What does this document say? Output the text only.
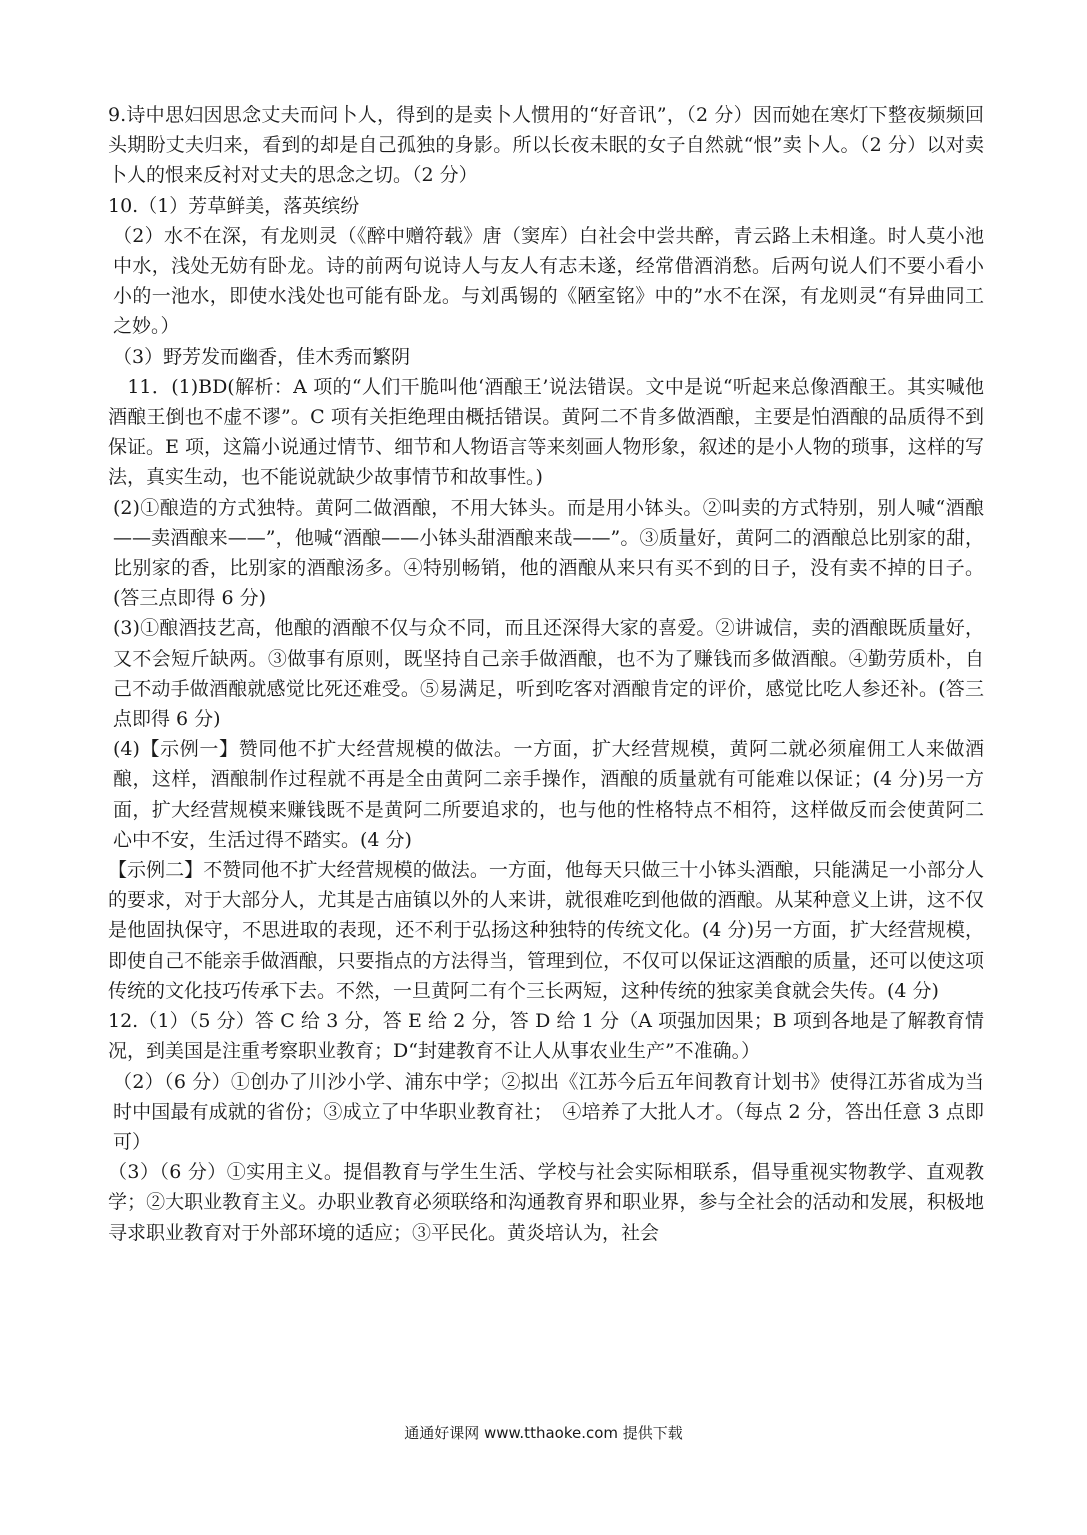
9.诗中思妇因思念丈夫而问卜人，得到的是卖卜人惯用的“好音讯”，（2 分）因而她在寒灯下整夜频频回头期盼丈夫归来，看到的却是自己孤独的身影。所以长夜未眠的女子自然就“恨”卖卜人。（2 分）以对卖卜人的恨来反衬对丈夫的思念之切。（2 分）

10.（1）芳草鲜美，落英缤纷

（2）水不在深，有龙则灵（《醉中赠符载》唐（窦库）白社会中尝共醉，青云路上未相逢。时人莫小池中水，浅处无妨有卧龙。诗的前两句说诗人与友人有志未遂，经常借酒消愁。后两句说人们不要小看小小的一池水，即使水浅处也可能有卧龙。与刘禹锡的《陋室铭》中的”水不在深，有龙则灵“有异曲同工之妙。）

（3）野芳发而幽香，佳木秀而繁阴

　11．(1)BD(解析：A 项的“人们干脆叫他‘酒酿王’说法错误。文中是说“听起来总像酒酿王。其实喊他酒酿王倒也不虚不谬”。C 项有关拒绝理由概括错误。黄阿二不肯多做酒酿，主要是怕酒酿的品质得不到保证。E 项，这篇小说通过情节、细节和人物语言等来刻画人物形象，叙述的是小人物的琐事，这样的写法，真实生动，也不能说就缺少故事情节和故事性。)

(2)①酿造的方式独特。黄阿二做酒酿，不用大钵头。而是用小钵头。②叫卖的方式特别，别人喊“酒酿——卖酒酿来——”，他喊“酒酿——小钵头甜酒酿来哉——”。③质量好，黄阿二的酒酿总比别家的甜，比别家的香，比别家的酒酿汤多。④特别畅销，他的酒酿从来只有买不到的日子，没有卖不掉的日子。(答三点即得 6 分)

(3)①酿酒技艺高，他酿的酒酿不仅与众不同，而且还深得大家的喜爱。②讲诚信，卖的酒酿既质量好，又不会短斤缺两。③做事有原则，既坚持自己亲手做酒酿，也不为了赚钱而多做酒酿。④勤劳质朴，自己不动手做酒酿就感觉比死还难受。⑤易满足，听到吃客对酒酿肯定的评价，感觉比吃人参还补。(答三点即得 6 分)

(4)【示例一】赞同他不扩大经营规模的做法。一方面，扩大经营规模，黄阿二就必须雇佣工人来做酒酿，这样，酒酿制作过程就不再是全由黄阿二亲手操作，酒酿的质量就有可能难以保证；(4 分)另一方面，扩大经营规模来赚钱既不是黄阿二所要追求的，也与他的性格特点不相符，这样做反而会使黄阿二心中不安，生活过得不踏实。(4 分)

【示例二】不赞同他不扩大经营规模的做法。一方面，他每天只做三十小钵头酒酿，只能满足一小部分人的要求，对于大部分人，尤其是古庙镇以外的人来讲，就很难吃到他做的酒酿。从某种意义上讲，这不仅是他固执保守，不思进取的表现，还不利于弘扬这种独特的传统文化。(4 分)另一方面，扩大经营规模，即使自己不能亲手做酒酿，只要指点的方法得当，管理到位，不仅可以保证这酒酿的质量，还可以使这项传统的文化技巧传承下去。不然，一旦黄阿二有个三长两短，这种传统的独家美食就会失传。(4 分)

12.（1）（5 分）答 C 给 3 分，答 E 给 2 分，答 D 给 1 分（A 项强加因果；B 项到各地是了解教育情况，到美国是注重考察职业教育；D“封建教育不让人从事农业生产”不准确。）

（2）（6 分）①创办了川沙小学、浦东中学；②拟出《江苏今后五年间教育计划书》使得江苏省成为当时中国最有成就的省份；③成立了中华职业教育社；　④培养了大批人才。（每点 2 分，答出任意 3 点即可）

（3）（6 分）①实用主义。提倡教育与学生生活、学校与社会实际相联系，倡导重视实物教学、直观教学；②大职业教育主义。办职业教育必须联络和沟通教育界和职业界，参与全社会的活动和发展，积极地寻求职业教育对于外部环境的适应；③平民化。黄炎培认为，社会

通通好课网 www.tthaoke.com 提供下载
